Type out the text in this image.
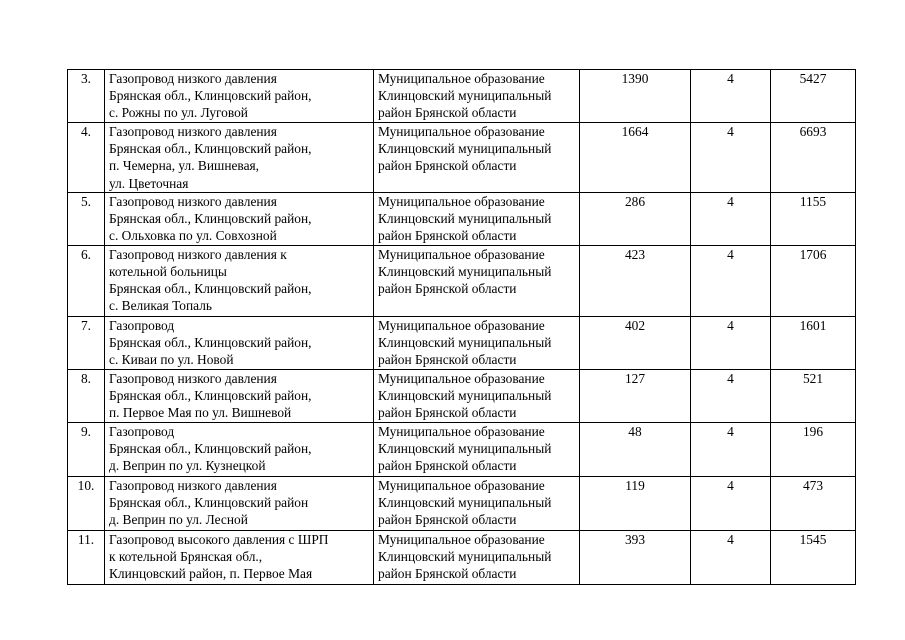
3.	Газопровод низкого давления
Брянская обл., Клинцовский район,
с. Рожны по ул. Луговой	Муниципальное образование
Клинцовский муниципальный
район Брянской области	1390	4	5427
4.	Газопровод низкого давления
Брянская обл., Клинцовский район,
п. Чемерна, ул. Вишневая,
ул. Цветочная	Муниципальное образование
Клинцовский муниципальный
район Брянской области	1664	4	6693
5.	Газопровод низкого давления
Брянская обл., Клинцовский район,
с. Ольховка по ул. Совхозной	Муниципальное образование
Клинцовский муниципальный
район Брянской области	286	4	1155
6.	Газопровод низкого давления к
котельной больницы
Брянская обл., Клинцовский район,
с. Великая Топаль	Муниципальное образование
Клинцовский муниципальный
район Брянской области	423	4	1706
7.	Газопровод
Брянская обл., Клинцовский район,
с. Киваи по ул. Новой	Муниципальное образование
Клинцовский муниципальный
район Брянской области	402	4	1601
8.	Газопровод низкого давления
Брянская обл., Клинцовский район,
п. Первое Мая по ул. Вишневой	Муниципальное образование
Клинцовский муниципальный
район Брянской области	127	4	521
9.	Газопровод
Брянская обл., Клинцовский район,
д. Веприн по ул. Кузнецкой	Муниципальное образование
Клинцовский муниципальный
район Брянской области	48	4	196
10.	Газопровод низкого давления
Брянская обл., Клинцовский район
д. Веприн по ул. Лесной	Муниципальное образование
Клинцовский муниципальный
район Брянской области	119	4	473
11.	Газопровод высокого давления с ШРП
к котельной Брянская обл.,
Клинцовский район, п. Первое Мая	Муниципальное образование
Клинцовский муниципальный
район Брянской области	393	4	1545
